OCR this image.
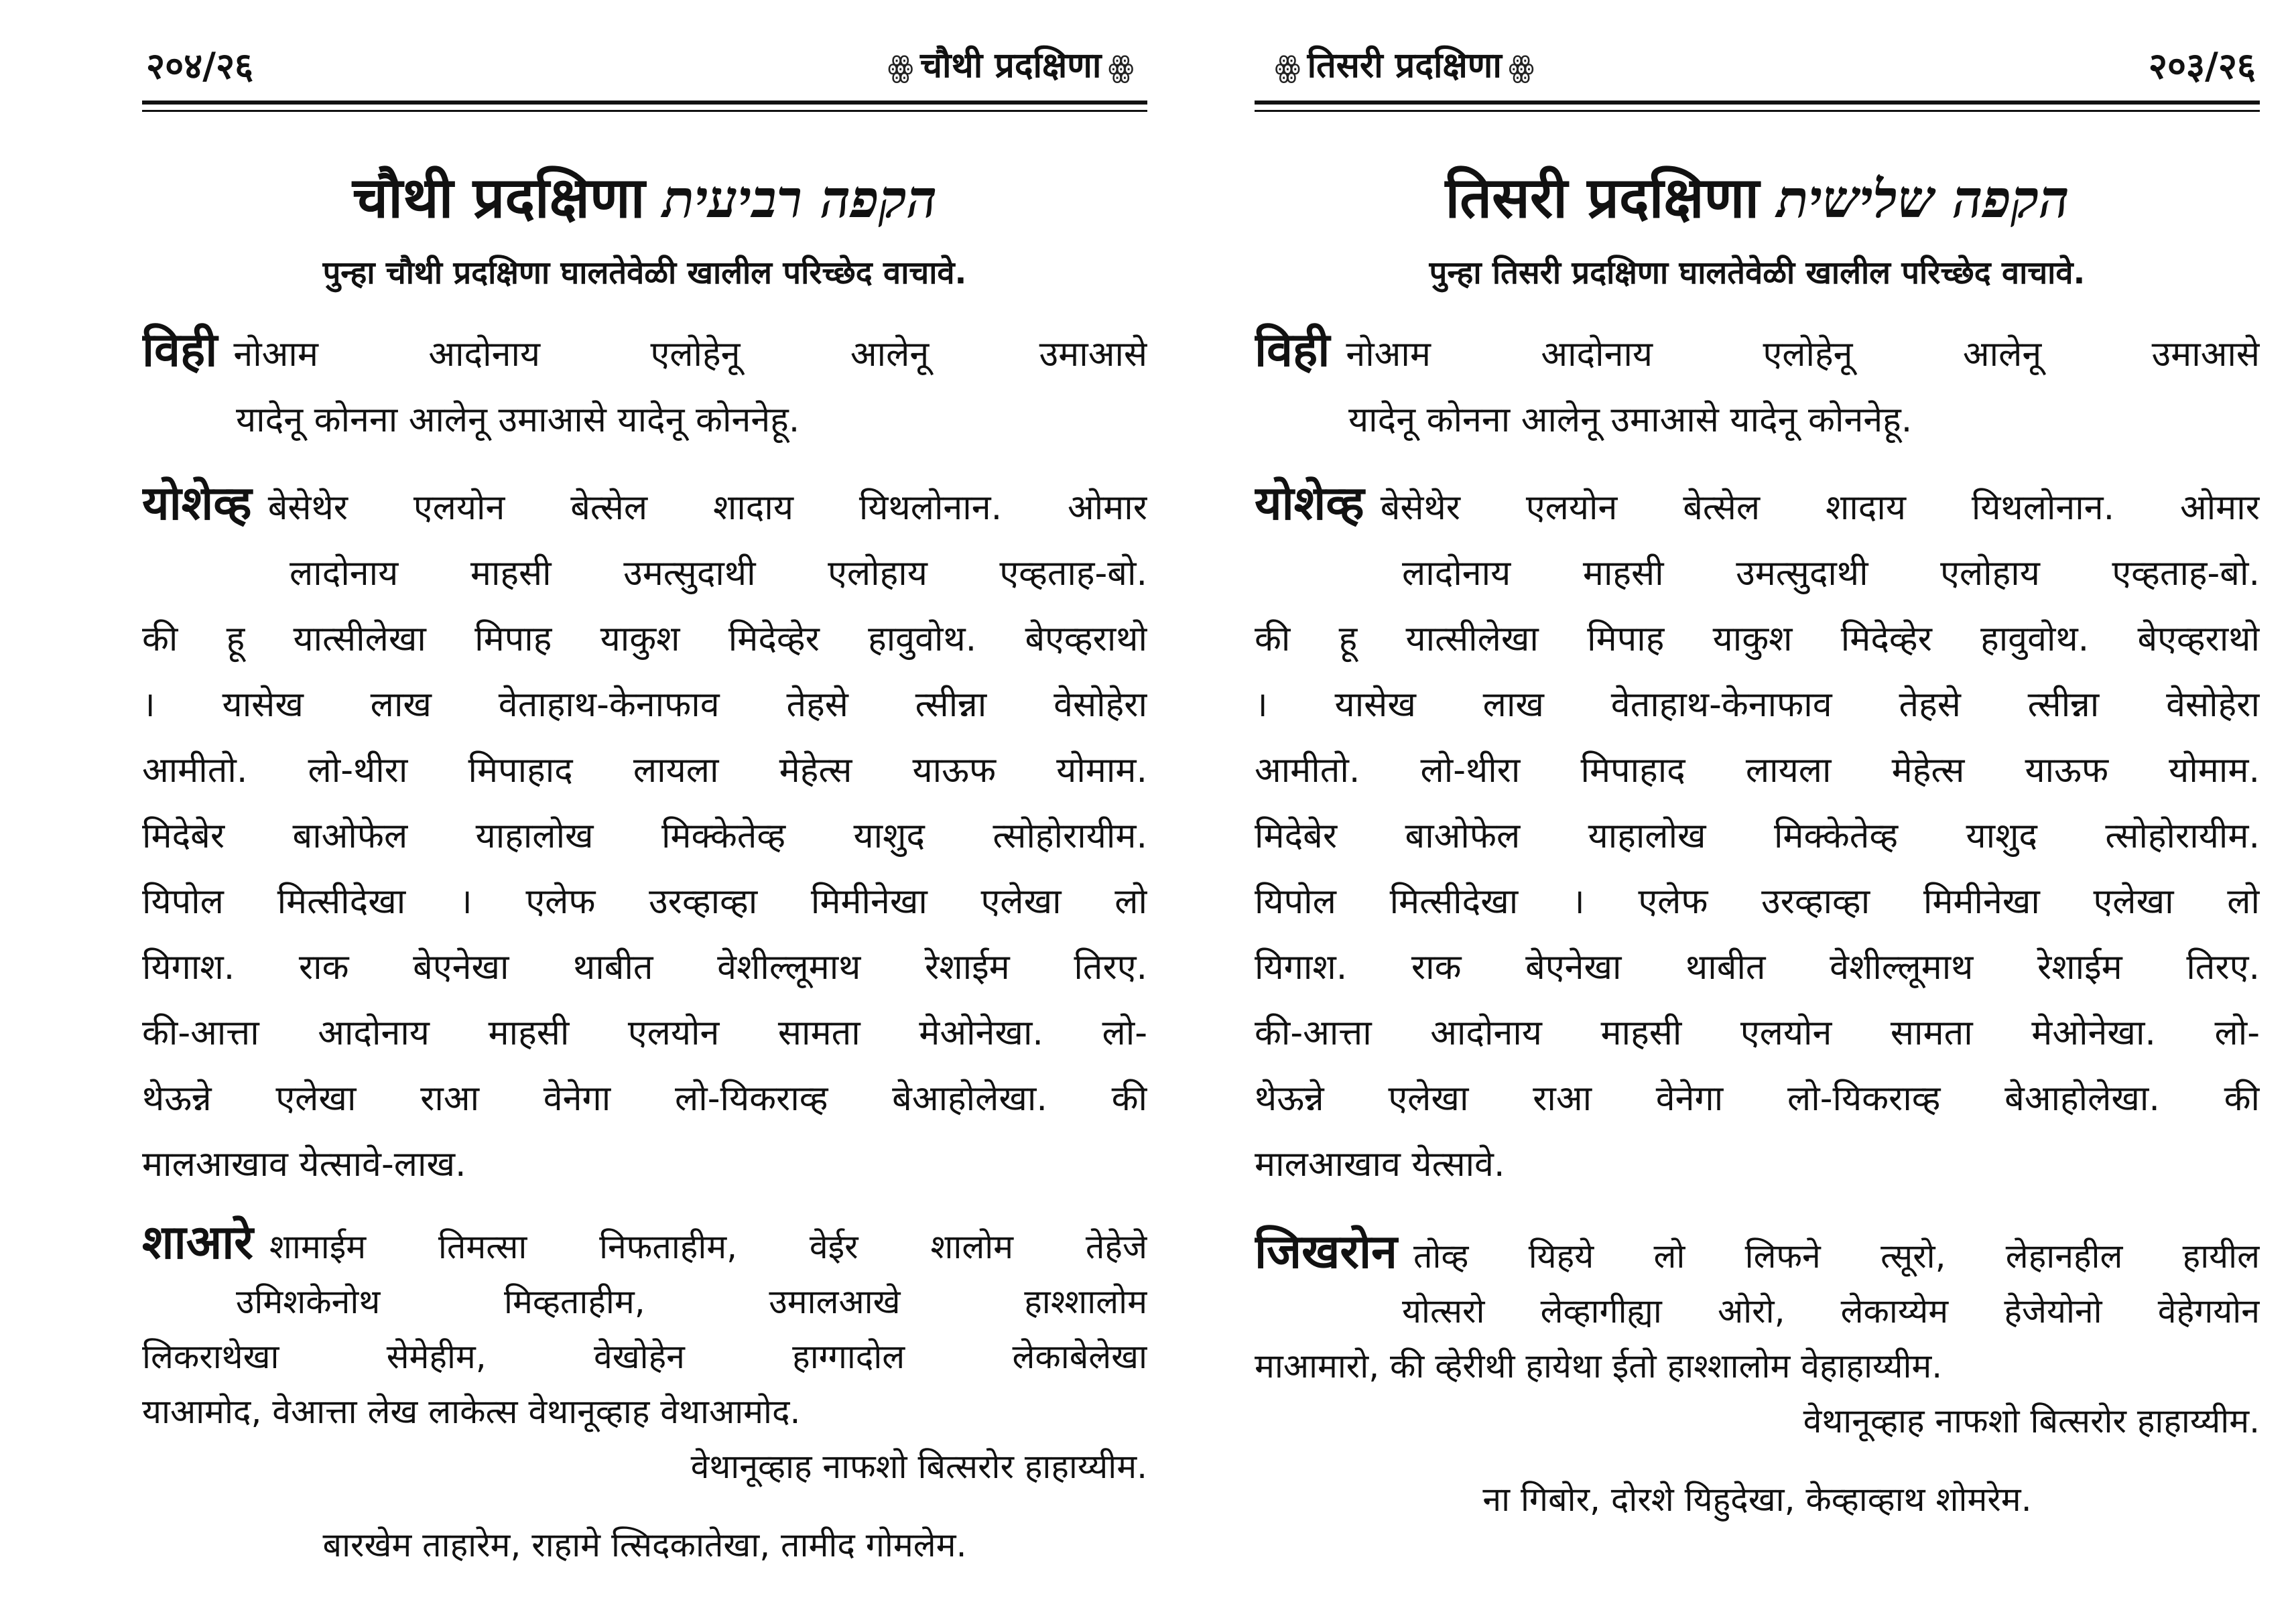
२०४/२६	ꙮ चौथी प्रदक्षिणा ꙮ
चौथी प्रदक्षिणा הקפה רביעית

पुन्हा चौथी प्रदक्षिणा घालतेवेळी खालील परिच्छेद वाचावे.

विही नोआम आदोनाय एलोहेनू आलेनू उमाआसे
यादेनू कोनना आलेनू उमाआसे यादेनू कोननेहू.
योशेव्ह बेसेथेर एलयोन बेत्सेल शादाय यिथलोनान. ओमार
लादोनाय माहसी उमत्सुदाथी एलोहाय एव्हताह-बो.
की हू यात्सीलेखा मिपाह याकुश मिदेव्हेर हावुवोथ. बेएव्हराथो
। यासेख लाख वेताहाथ-केनाफाव तेहसे त्सीन्ना वेसोहेरा
आमीतो. लो-थीरा मिपाहाद लायला मेहेत्स याऊफ योमाम.
मिदेबेर बाओफेल याहालोख मिक्केतेव्ह याशुद त्सोहोरायीम.
यिपोल मित्सीदेखा । एलेफ उरव्हाव्हा मिमीनेखा एलेखा लो
यिगाश. राक बेएनेखा थाबीत वेशील्लूमाथ रेशाईम तिरए.
की-आत्ता आदोनाय माहसी एलयोन सामता मेओनेखा. लो-
थेऊन्ने एलेखा राआ वेनेगा लो-यिकराव्ह बेआहोलेखा. की
मालआखाव येत्सावे-लाख.
शाआरे शामाईम तिमत्सा निफताहीम, वेईर शालोम तेहेजे
उमिशकेनोथ मिव्हताहीम, उमालआखे हाश्शालोम
लिकराथेखा सेमेहीम, वेखोहेन हाग्गादोल लेकाबेलेखा
याआमोद, वेआत्ता लेख लाकेत्स वेथानूव्हाह वेथाआमोद.
वेथानूव्हाह नाफशो बित्सरोर हाहाय्यीम.
बारखेम ताहारेम, राहामे त्सिदकातेखा, तामीद गोमलेम.
ꙮ तिसरी प्रदक्षिणा ꙮ	२०३/२६
तिसरी प्रदक्षिणा הקפה שלישית

पुन्हा तिसरी प्रदक्षिणा घालतेवेळी खालील परिच्छेद वाचावे.

विही नोआम आदोनाय एलोहेनू आलेनू उमाआसे
यादेनू कोनना आलेनू उमाआसे यादेनू कोननेहू.
योशेव्ह बेसेथेर एलयोन बेत्सेल शादाय यिथलोनान. ओमार
लादोनाय माहसी उमत्सुदाथी एलोहाय एव्हताह-बो.
की हू यात्सीलेखा मिपाह याकुश मिदेव्हेर हावुवोथ. बेएव्हराथो
। यासेख लाख वेताहाथ-केनाफाव तेहसे त्सीन्ना वेसोहेरा
आमीतो. लो-थीरा मिपाहाद लायला मेहेत्स याऊफ योमाम.
मिदेबेर बाओफेल याहालोख मिक्केतेव्ह याशुद त्सोहोरायीम.
यिपोल मित्सीदेखा । एलेफ उरव्हाव्हा मिमीनेखा एलेखा लो
यिगाश. राक बेएनेखा थाबीत वेशील्लूमाथ रेशाईम तिरए.
की-आत्ता आदोनाय माहसी एलयोन सामता मेओनेखा. लो-
थेऊन्ने एलेखा राआ वेनेगा लो-यिकराव्ह बेआहोलेखा. की
मालआखाव येत्सावे.
जिखरोन तोव्ह यिहये लो लिफने त्सूरो, लेहानहील हायील
योत्सरो लेव्हागीह्या ओरो, लेकाय्येम हेजेयोनो वेहेगयोन
माआमारो, की व्हेरीथी हायेथा ईतो हाश्शालोम वेहाहाय्यीम.
वेथानूव्हाह नाफशो बित्सरोर हाहाय्यीम.
ना गिबोर, दोरशे यिहुदेखा, केव्हाव्हाथ शोमरेम.
